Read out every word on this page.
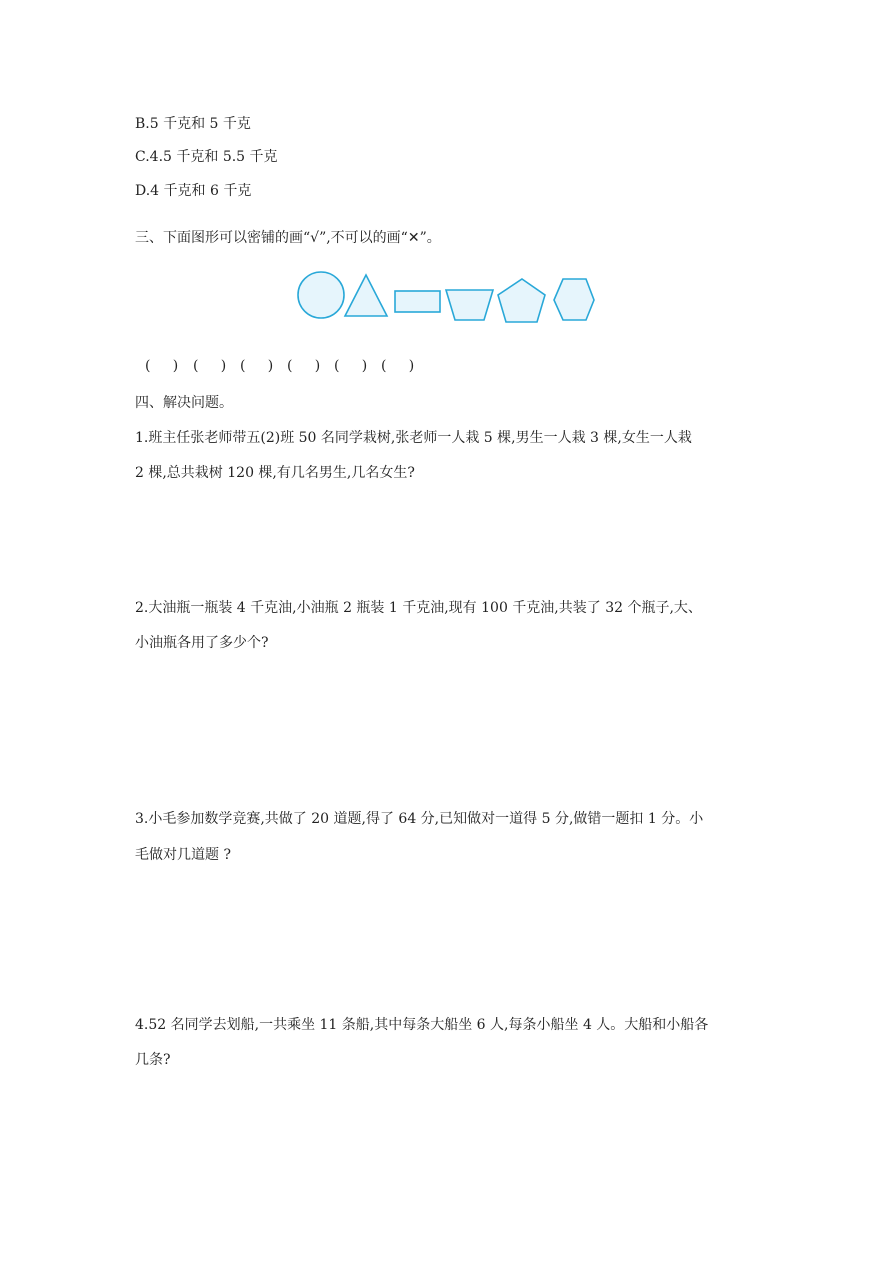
B.5 千克和 5 千克
C.4.5 千克和 5.5 千克
D.4 千克和 6 千克
三、下面图形可以密铺的画“√”,不可以的画“✕”。
(     ) (     ) (     ) (     ) (     ) (     )
四、解决问题。
1.班主任张老师带五(2)班 50 名同学栽树,张老师一人栽 5 棵,男生一人栽 3 棵,女生一人栽
2 棵,总共栽树 120 棵,有几名男生,几名女生?
2.大油瓶一瓶装 4 千克油,小油瓶 2 瓶装 1 千克油,现有 100 千克油,共装了 32 个瓶子,大、
小油瓶各用了多少个?
3.小毛参加数学竞赛,共做了 20 道题,得了 64 分,已知做对一道得 5 分,做错一题扣 1 分。小
毛做对几道题 ?
4.52 名同学去划船,一共乘坐 11 条船,其中每条大船坐 6 人,每条小船坐 4 人。大船和小船各
几条?
